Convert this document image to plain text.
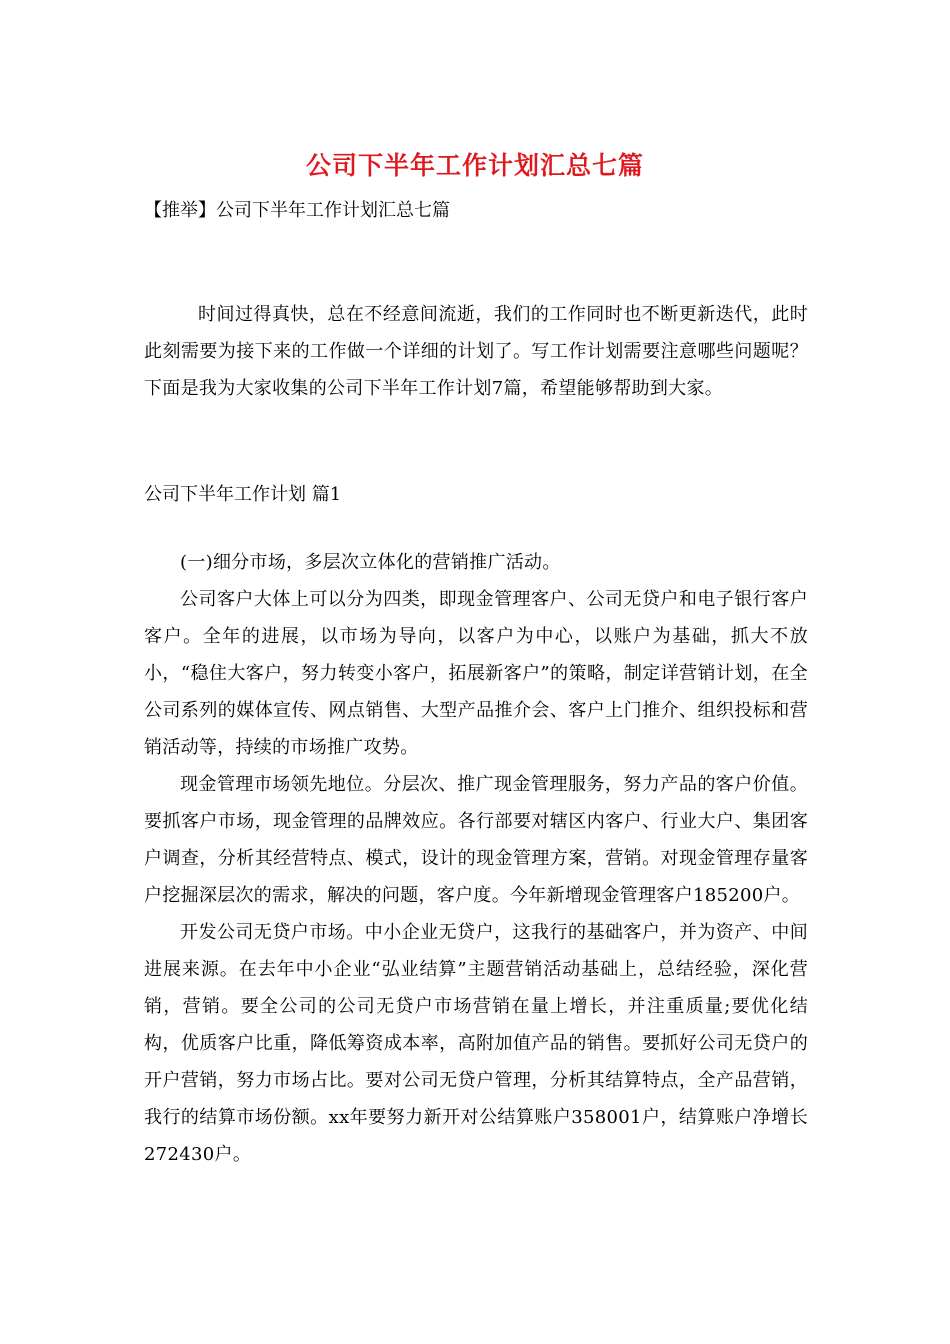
公司下半年工作计划汇总七篇
【推举】公司下半年工作计划汇总七篇

时间过得真快，总在不经意间流逝，我们的工作同时也不断更新迭代，此时此刻需要为接下来的工作做一个详细的计划了。写工作计划需要注意哪些问题呢？下面是我为大家收集的公司下半年工作计划7篇，希望能够帮助到大家。

公司下半年工作计划 篇1

(一)细分市场，多层次立体化的营销推广活动。

公司客户大体上可以分为四类，即现金管理客户、公司无贷户和电子银行客户客户。全年的进展，以市场为导向，以客户为中心，以账户为基础，抓大不放小，“稳住大客户，努力转变小客户，拓展新客户”的策略，制定详营销计划，在全公司系列的媒体宣传、网点销售、大型产品推介会、客户上门推介、组织投标和营销活动等，持续的市场推广攻势。

现金管理市场领先地位。分层次、推广现金管理服务，努力产品的客户价值。要抓客户市场，现金管理的品牌效应。各行部要对辖区内客户、行业大户、集团客户调查，分析其经营特点、模式，设计的现金管理方案，营销。对现金管理存量客户挖掘深层次的需求，解决的问题，客户度。今年新增现金管理客户185200户。

开发公司无贷户市场。中小企业无贷户，这我行的基础客户，并为资产、中间进展来源。在去年中小企业“弘业结算”主题营销活动基础上，总结经验，深化营销，营销。要全公司的公司无贷户市场营销在量上增长，并注重质量;要优化结构，优质客户比重，降低筹资成本率，高附加值产品的销售。要抓好公司无贷户的开户营销，努力市场占比。要对公司无贷户管理，分析其结算特点，全产品营销，我行的结算市场份额。xx年要努力新开对公结算账户358001户，结算账户净增长272430户。
